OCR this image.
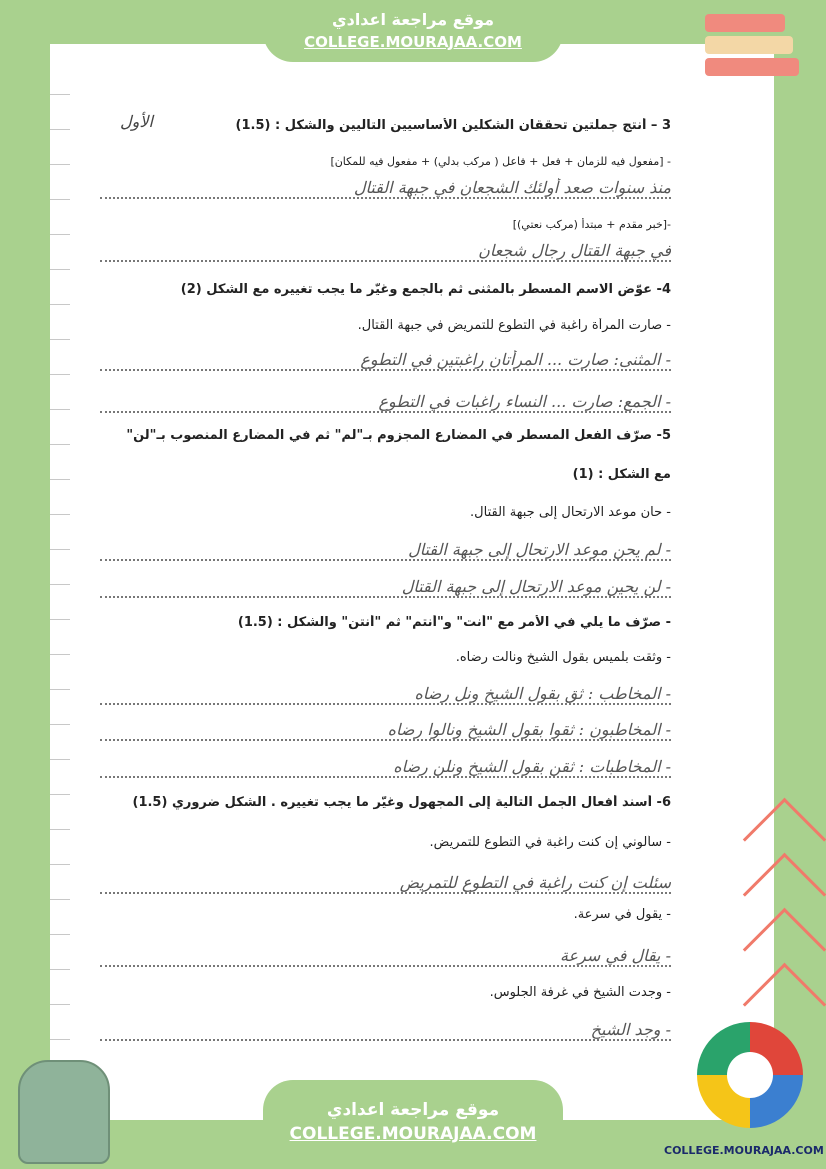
موقع مراجعة اعدادي
COLLEGE.MOURAJAA.COM
الأول	3 – أنتج جملتين تحققان الشكلين الأساسيين التاليين والشكل : (1.5)
- [مفعول فيه للزمان + فعل + فاعل ( مركب بدلي) + مفعول فيه للمكان]
منذ سنوات صعد أولئك الشجعان في جبهة القتال
-[خبر مقدم + مبتدأ (مركب نعتي)]
في جبهة القتال رجال شجعان
4- عوّض الاسم المسطر بالمثنى ثم بالجمع وغيّر ما يجب تغييره مع الشكل (2)
- صارت المرأة راغبة في التطوع للتمريض في جبهة القتال.
- المثنى: صارت ... المرأتان راغبتين في التطوع
- الجمع: صارت ... النساء راغبات في التطوع
5- صرّف الفعل المسطر في المضارع المجزوم بـ"لم" ثم في المضارع المنصوب بـ"لن"
مع الشكل : (1)
- حان موعد الارتحال إلى جبهة القتال.
- لم يحن موعد الارتحال إلى جبهة القتال
- لن يحين موعد الارتحال إلى جبهة القتال
- صرّف ما يلي في الأمر مع "أنت" و"أنتم" ثم "أنتن" والشكل : (1.5)
- وثقت بلميس بقول الشيخ ونالت رضاه.
- المخاطب : ثق بقول الشيخ ونل رضاه
- المخاطبون : ثقوا بقول الشيخ ونالوا رضاه
- المخاطبات : ثقن بقول الشيخ ونلن رضاه
6- أسند أفعال الجمل التالية إلى المجهول وغيّر ما يجب تغييره . الشكل ضروري (1.5)
- سألوني إن كنت راغبة في التطوع للتمريض.
سئلت إن كنت راغبة في التطوع للتمريض
- يقول في سرعة.
- يقال في سرعة
- وجدت الشيخ في غرفة الجلوس.
- وجد الشيخ
موقع مراجعة اعدادي
COLLEGE.MOURAJAA.COM
COLLEGE.MOURAJAA.COM
